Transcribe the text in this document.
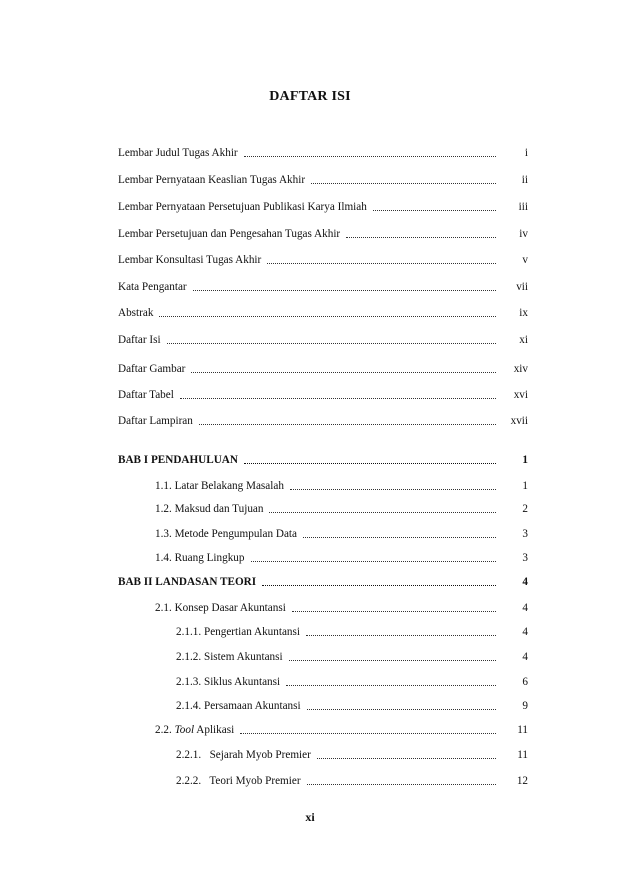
DAFTAR ISI
Lembar Judul Tugas Akhir	i
Lembar Pernyataan Keaslian Tugas Akhir	ii
Lembar Pernyataan Persetujuan Publikasi Karya Ilmiah	iii
Lembar Persetujuan dan Pengesahan Tugas Akhir	iv
Lembar Konsultasi Tugas Akhir	v
Kata Pengantar	vii
Abstrak	ix
Daftar Isi	xi
Daftar Gambar	xiv
Daftar Tabel	xvi
Daftar Lampiran	xvii
BAB I PENDAHULUAN	1
1.1. Latar Belakang Masalah	1
1.2. Maksud dan Tujuan	2
1.3. Metode Pengumpulan Data	3
1.4. Ruang Lingkup	3
BAB II LANDASAN TEORI	4
2.1. Konsep Dasar Akuntansi	4
2.1.1. Pengertian Akuntansi	4
2.1.2. Sistem Akuntansi	4
2.1.3. Siklus Akuntansi	6
2.1.4. Persamaan Akuntansi	9
2.2. Tool Aplikasi	11
2.2.1.   Sejarah Myob Premier	11
2.2.2.   Teori Myob Premier	12
xi
